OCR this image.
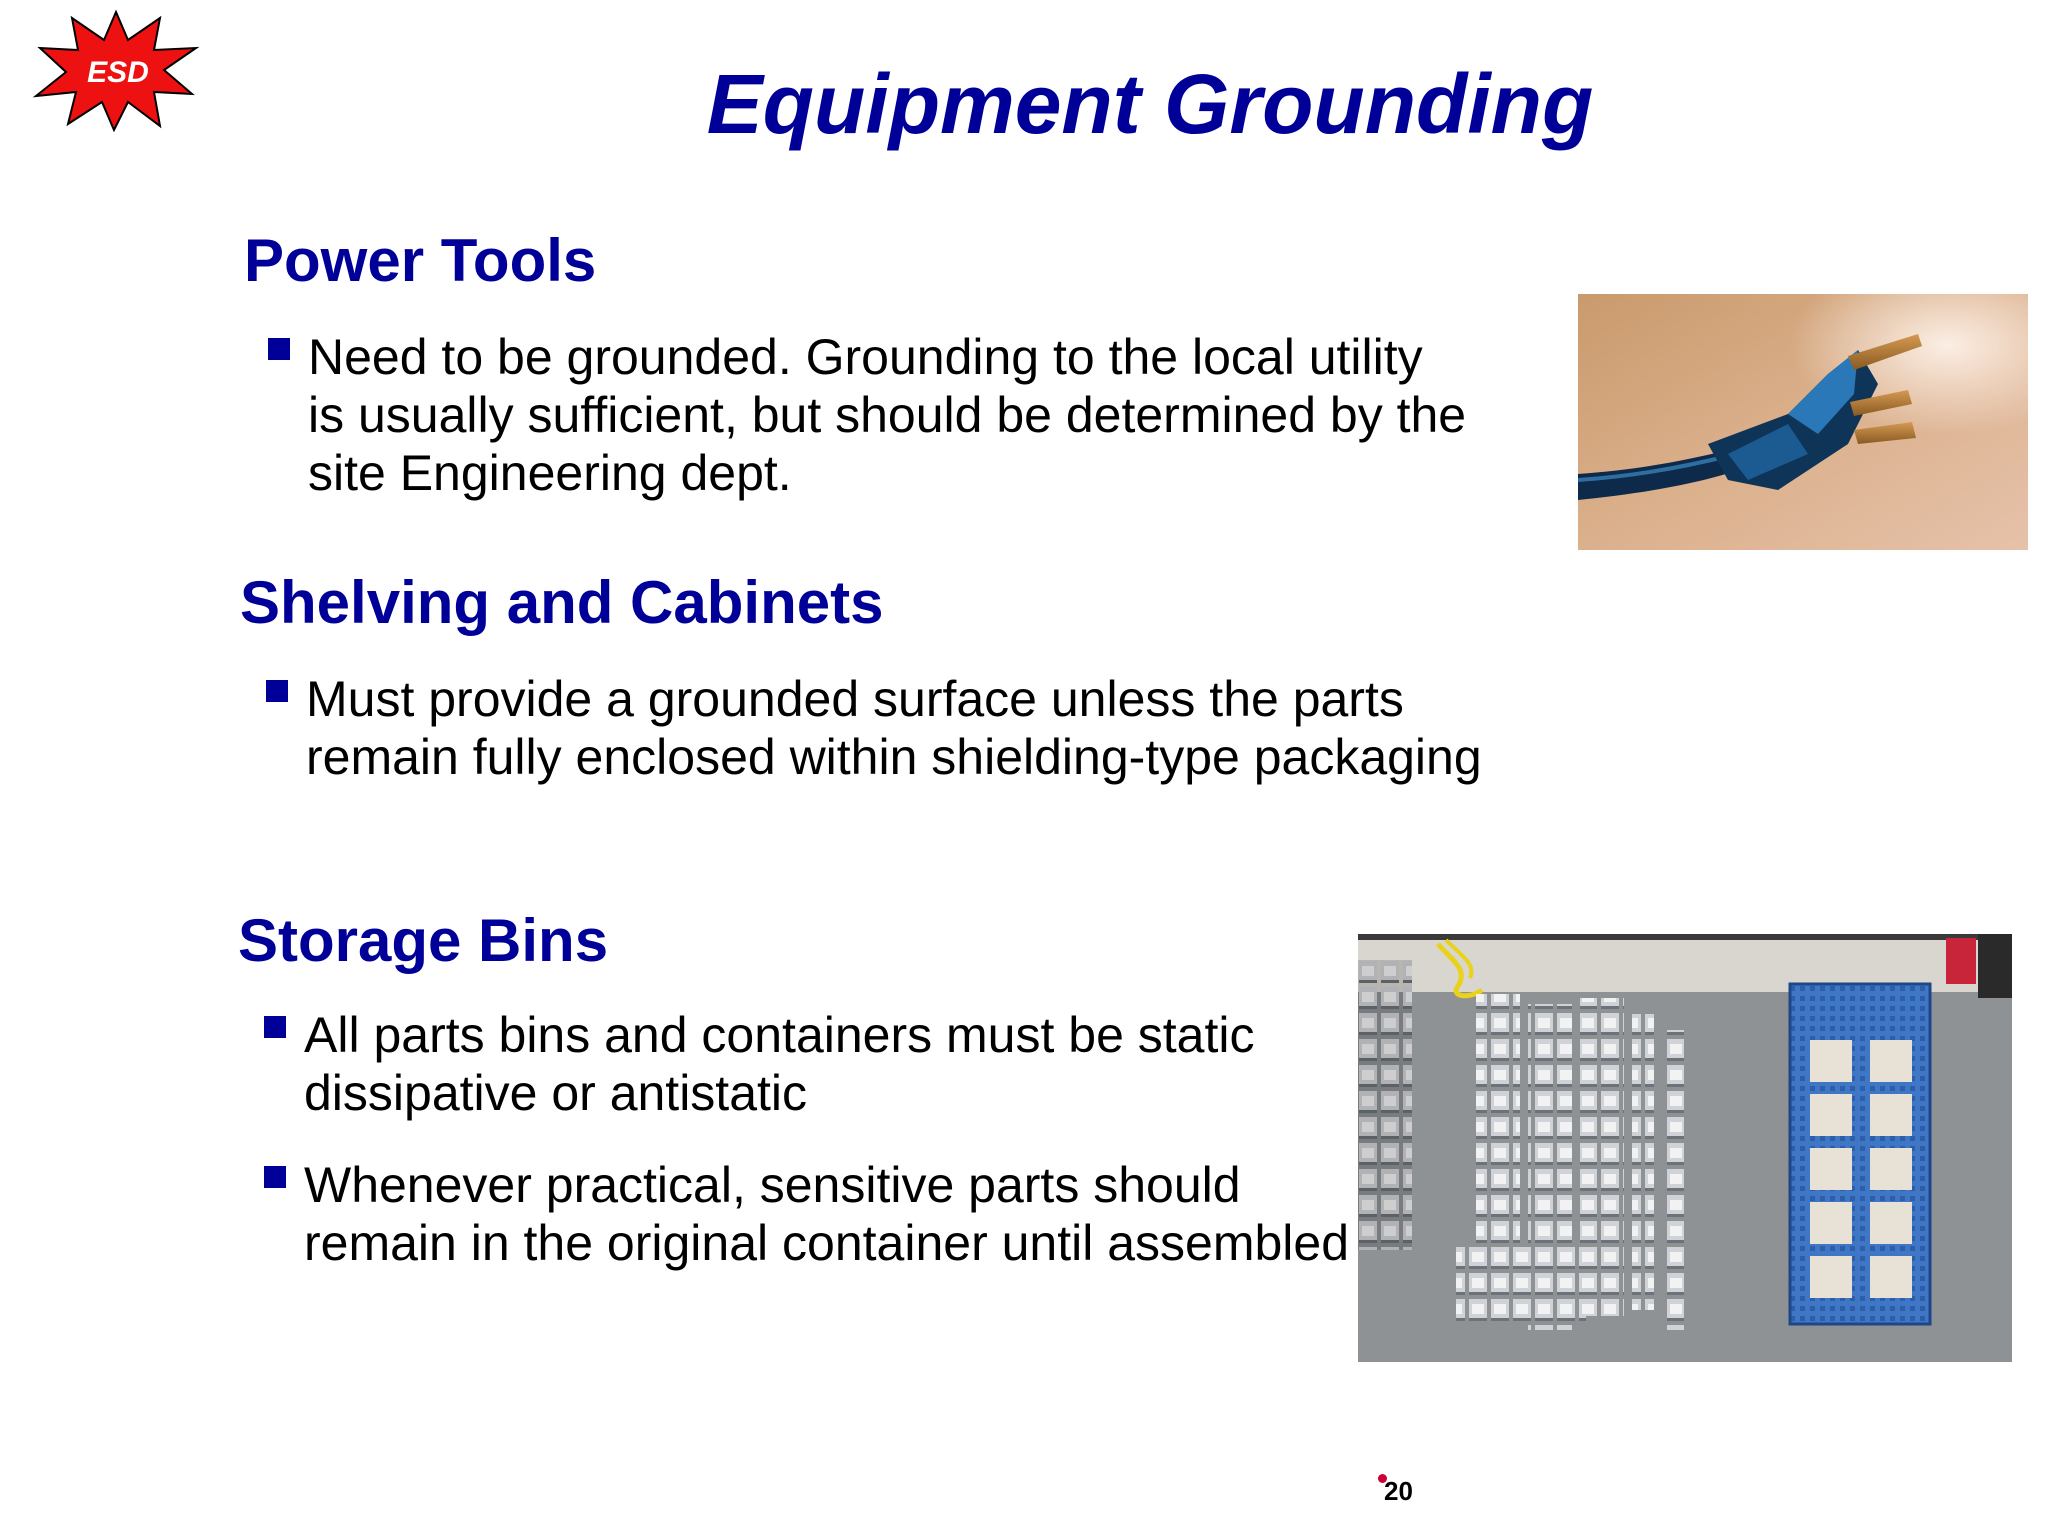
ESD	Equipment Grounding
Power Tools
Need to be grounded. Grounding to the local utility is usually sufficient, but should be determined by the site Engineering dept.
Shelving and Cabinets
Must provide a grounded surface unless the parts remain fully enclosed within shielding-type packaging
Storage Bins
All parts bins and containers must be static dissipative or antistatic
Whenever practical, sensitive parts should remain in the original container until assembled
20
